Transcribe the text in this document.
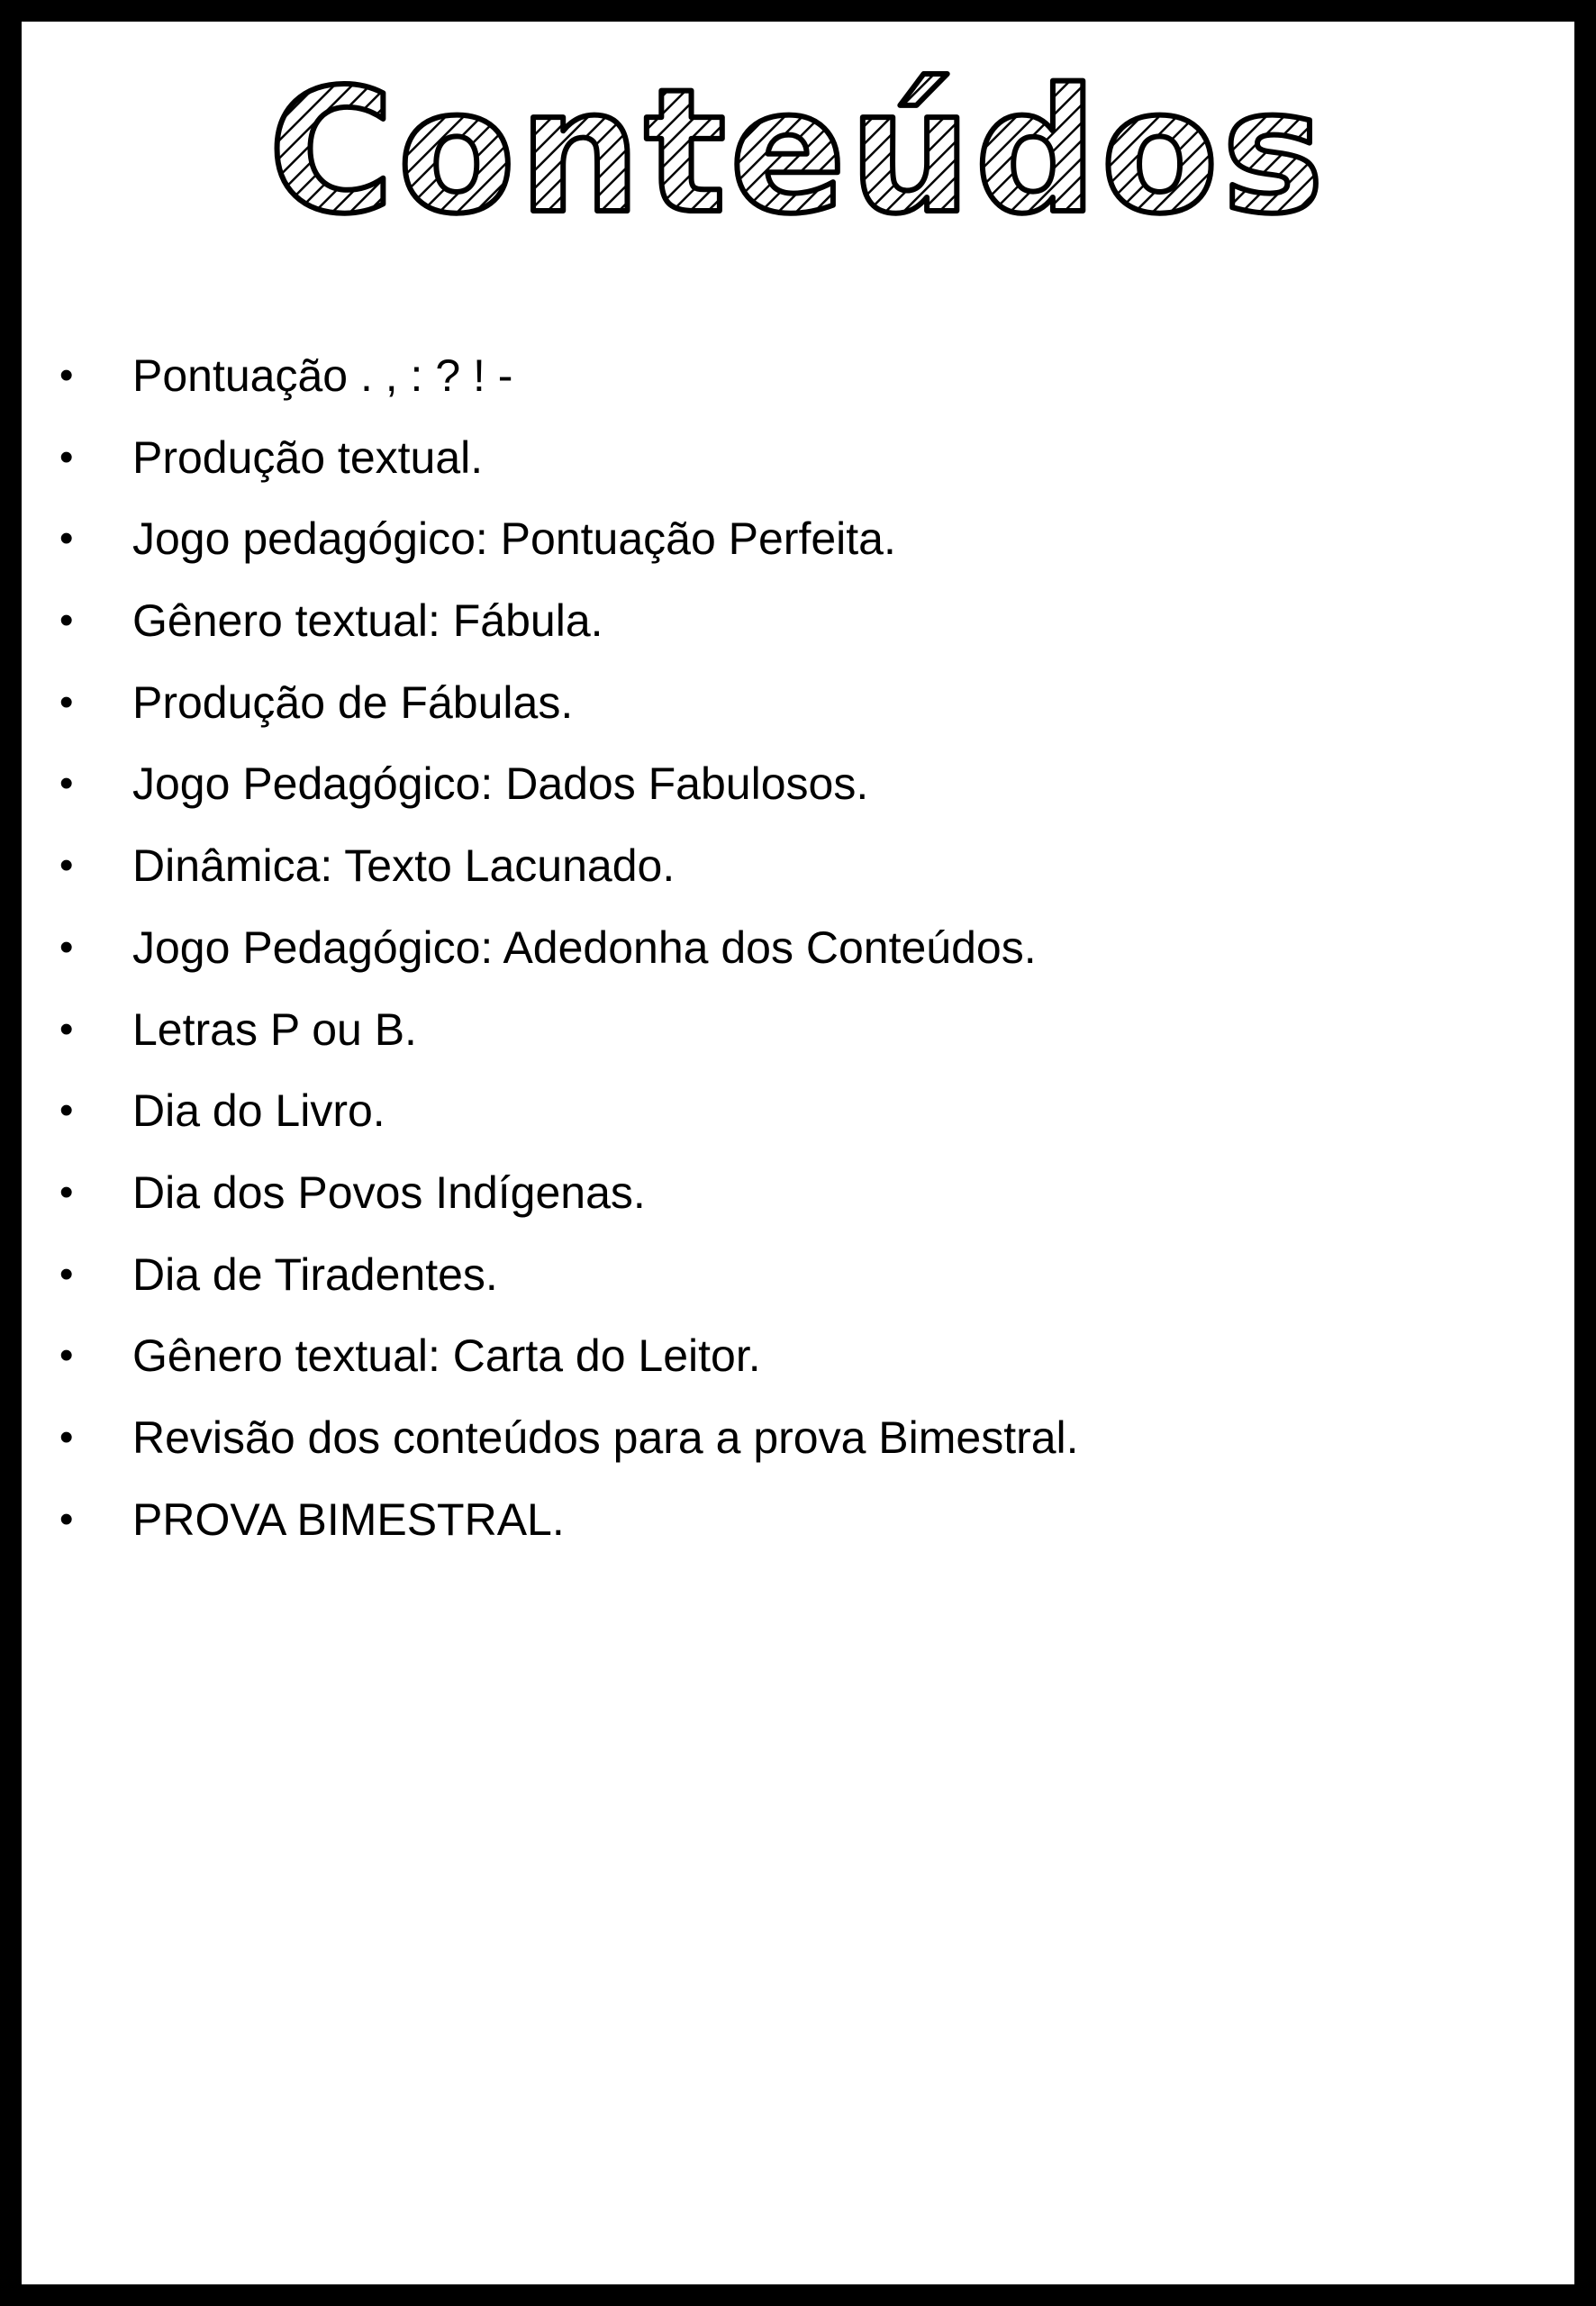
Conteúdos
• Pontuação . , : ? ! -
• Produção textual.
• Jogo pedagógico: Pontuação Perfeita.
• Gênero textual: Fábula.
• Produção de Fábulas.
• Jogo Pedagógico: Dados Fabulosos.
• Dinâmica: Texto Lacunado.
• Jogo Pedagógico: Adedonha dos Conteúdos.
• Letras P ou B.
• Dia do Livro.
• Dia dos Povos Indígenas.
• Dia de Tiradentes.
• Gênero textual: Carta do Leitor.
• Revisão dos conteúdos para a prova Bimestral.
• PROVA BIMESTRAL.
